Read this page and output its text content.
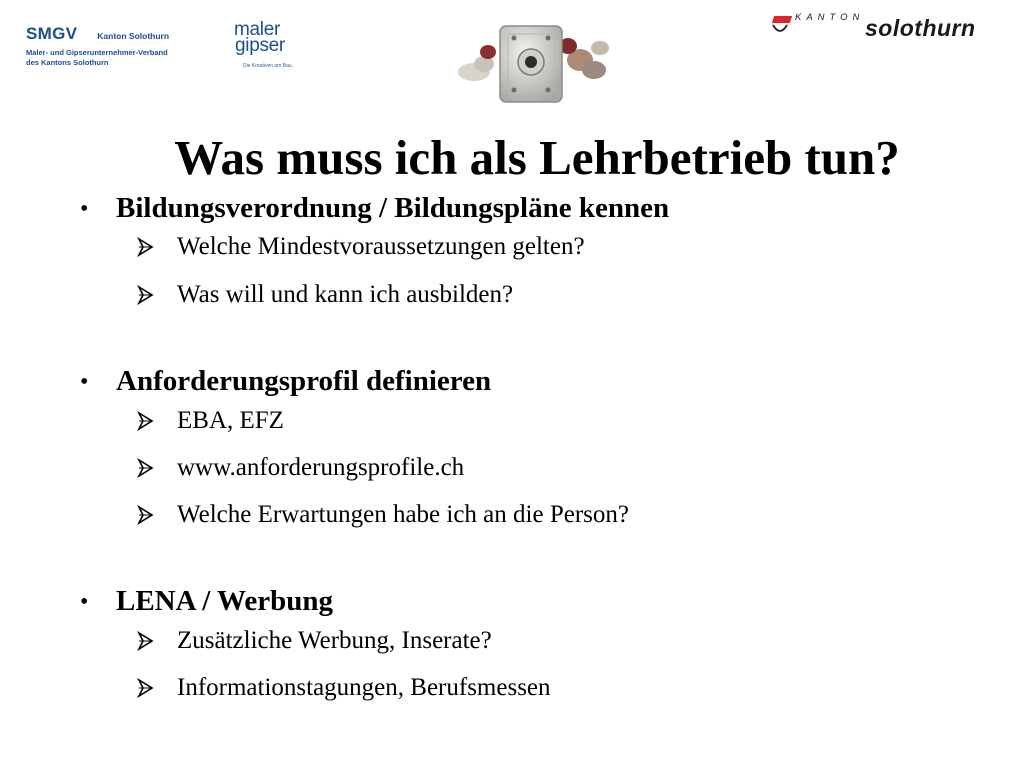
SMGV Kanton Solothurn
Maler- und Gipserunternehmer-Verband
des Kantons Solothurn
maler
gipser
Die Kreativen am Bau.
KANTON solothurn
Was muss ich als Lehrbetrieb tun?
• Bildungsverordnung / Bildungspläne kennen
Welche Mindestvoraussetzungen gelten?
Was will und kann ich ausbilden?
• Anforderungsprofil definieren
EBA, EFZ
www.anforderungsprofile.ch
Welche Erwartungen habe ich an die Person?
• LENA / Werbung
Zusätzliche Werbung, Inserate?
Informationstagungen, Berufsmessen
